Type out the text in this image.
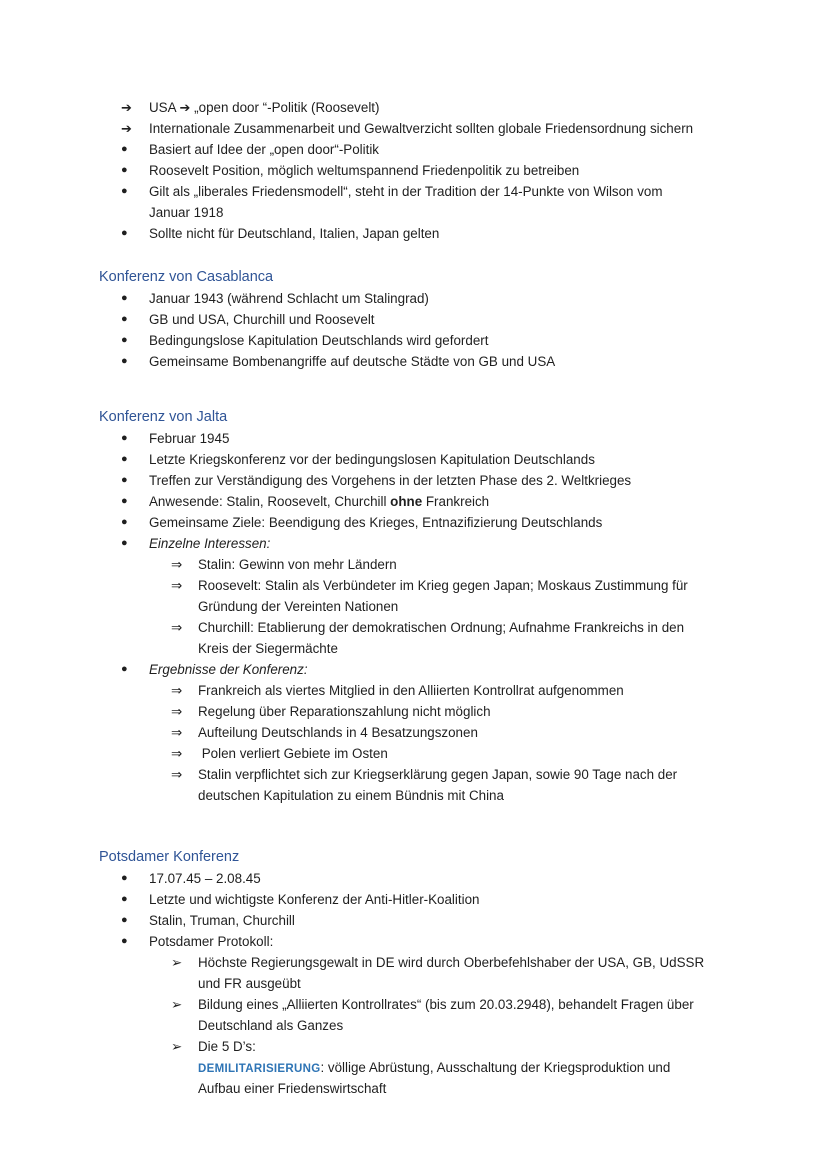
➔	USA ➔ „open door “-Politik (Roosevelt)
➔	Internationale Zusammenarbeit und Gewaltverzicht sollten globale Friedensordnung sichern
●	Basiert auf Idee der „open door“-Politik
●	Roosevelt Position, möglich weltumspannend Friedenpolitik zu betreiben
●	Gilt als „liberales Friedensmodell“, steht in der Tradition der 14-Punkte von Wilson vom
Januar 1918
●	Sollte nicht für Deutschland, Italien, Japan gelten
Konferenz von Casablanca
●	Januar 1943 (während Schlacht um Stalingrad)
●	GB und USA, Churchill und Roosevelt
●	Bedingungslose Kapitulation Deutschlands wird gefordert
●	Gemeinsame Bombenangriffe auf deutsche Städte von GB und USA
Konferenz von Jalta
●	Februar 1945
●	Letzte Kriegskonferenz vor der bedingungslosen Kapitulation Deutschlands
●	Treffen zur Verständigung des Vorgehens in der letzten Phase des 2. Weltkrieges
●	Anwesende: Stalin, Roosevelt, Churchill ohne Frankreich
●	Gemeinsame Ziele: Beendigung des Krieges, Entnazifizierung Deutschlands
●	Einzelne Interessen:
⇒	Stalin: Gewinn von mehr Ländern
⇒	Roosevelt: Stalin als Verbündeter im Krieg gegen Japan; Moskaus Zustimmung für
Gründung der Vereinten Nationen
⇒	Churchill: Etablierung der demokratischen Ordnung; Aufnahme Frankreichs in den
Kreis der Siegermächte
●	Ergebnisse der Konferenz:
⇒	Frankreich als viertes Mitglied in den Alliierten Kontrollrat aufgenommen
⇒	Regelung über Reparationszahlung nicht möglich
⇒	Aufteilung Deutschlands in 4 Besatzungszonen
⇒	Polen verliert Gebiete im Osten
⇒	Stalin verpflichtet sich zur Kriegserklärung gegen Japan, sowie 90 Tage nach der
deutschen Kapitulation zu einem Bündnis mit China
Potsdamer Konferenz
●	17.07.45 – 2.08.45
●	Letzte und wichtigste Konferenz der Anti-Hitler-Koalition
●	Stalin, Truman, Churchill
●	Potsdamer Protokoll:
➢	Höchste Regierungsgewalt in DE wird durch Oberbefehlshaber der USA, GB, UdSSR
und FR ausgeübt
➢	Bildung eines „Alliierten Kontrollrates“ (bis zum 20.03.2948), behandelt Fragen über
Deutschland als Ganzes
➢	Die 5 D’s:
DEMILITARISIERUNG: völlige Abrüstung, Ausschaltung der Kriegsproduktion und
Aufbau einer Friedenswirtschaft
